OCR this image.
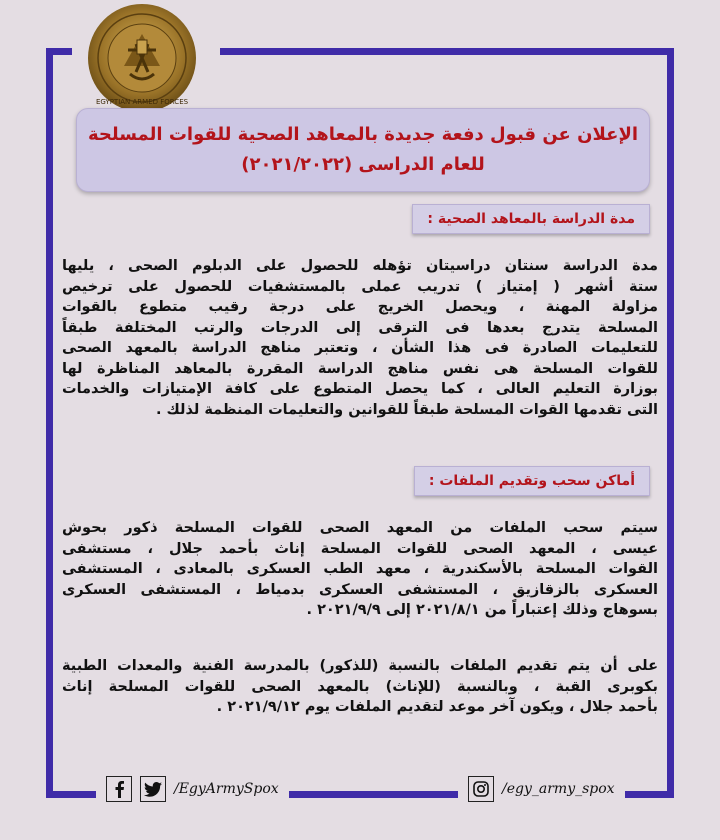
EGYPTIAN ARMED FORCES
الإعلان عن قبول دفعة جديدة بالمعاهد الصحية للقوات المسلحة
للعام الدراسى (٢٠٢١/٢٠٢٢)
مدة الدراسة بالمعاهد الصحية :
مدة الدراسة سنتان دراسيتان تؤهله للحصول على الدبلوم الصحى ، يليها
ستة أشهر ( إمتياز ) تدريب عملى بالمستشفيات للحصول على ترخيص
مزاولة المهنة ، ويحصل الخريج على درجة رقيب متطوع بالقوات
المسلحة يتدرج بعدها فى الترقى إلى الدرجات والرتب المختلفة طبقاً
للتعليمات الصادرة فى هذا الشأن ، وتعتبر مناهج الدراسة بالمعهد الصحى
للقوات المسلحة هى نفس مناهج الدراسة المقررة بالمعاهد المناظرة لها
بوزارة التعليم العالى ، كما يحصل المتطوع على كافة الإمتيازات والخدمات
التى تقدمها القوات المسلحة طبقاً للقوانين والتعليمات المنظمة لذلك .
أماكن سحب وتقديم الملفات :
سيتم سحب الملفات من المعهد الصحى للقوات المسلحة ذكور بحوش
عيسى ، المعهد الصحى للقوات المسلحة إناث بأحمد جلال ، مستشفى
القوات المسلحة بالأسكندرية ، معهد الطب العسكرى بالمعادى ، المستشفى
العسكرى بالزقازيق ، المستشفى العسكرى بدمياط ، المستشفى العسكرى
بسوهاج وذلك إعتباراً من ٢٠٢١/٨/١ إلى ٢٠٢١/٩/٩ .
على أن يتم تقديم الملفات بالنسبة (للذكور) بالمدرسة الفنية والمعدات الطبية
بكوبرى القبة ، وبالنسبة (للإناث) بالمعهد الصحى للقوات المسلحة إناث
بأحمد جلال ، ويكون آخر موعد لتقديم الملفات يوم ٢٠٢١/٩/١٢ .
/EgyArmySpox	/egy_army_spox
